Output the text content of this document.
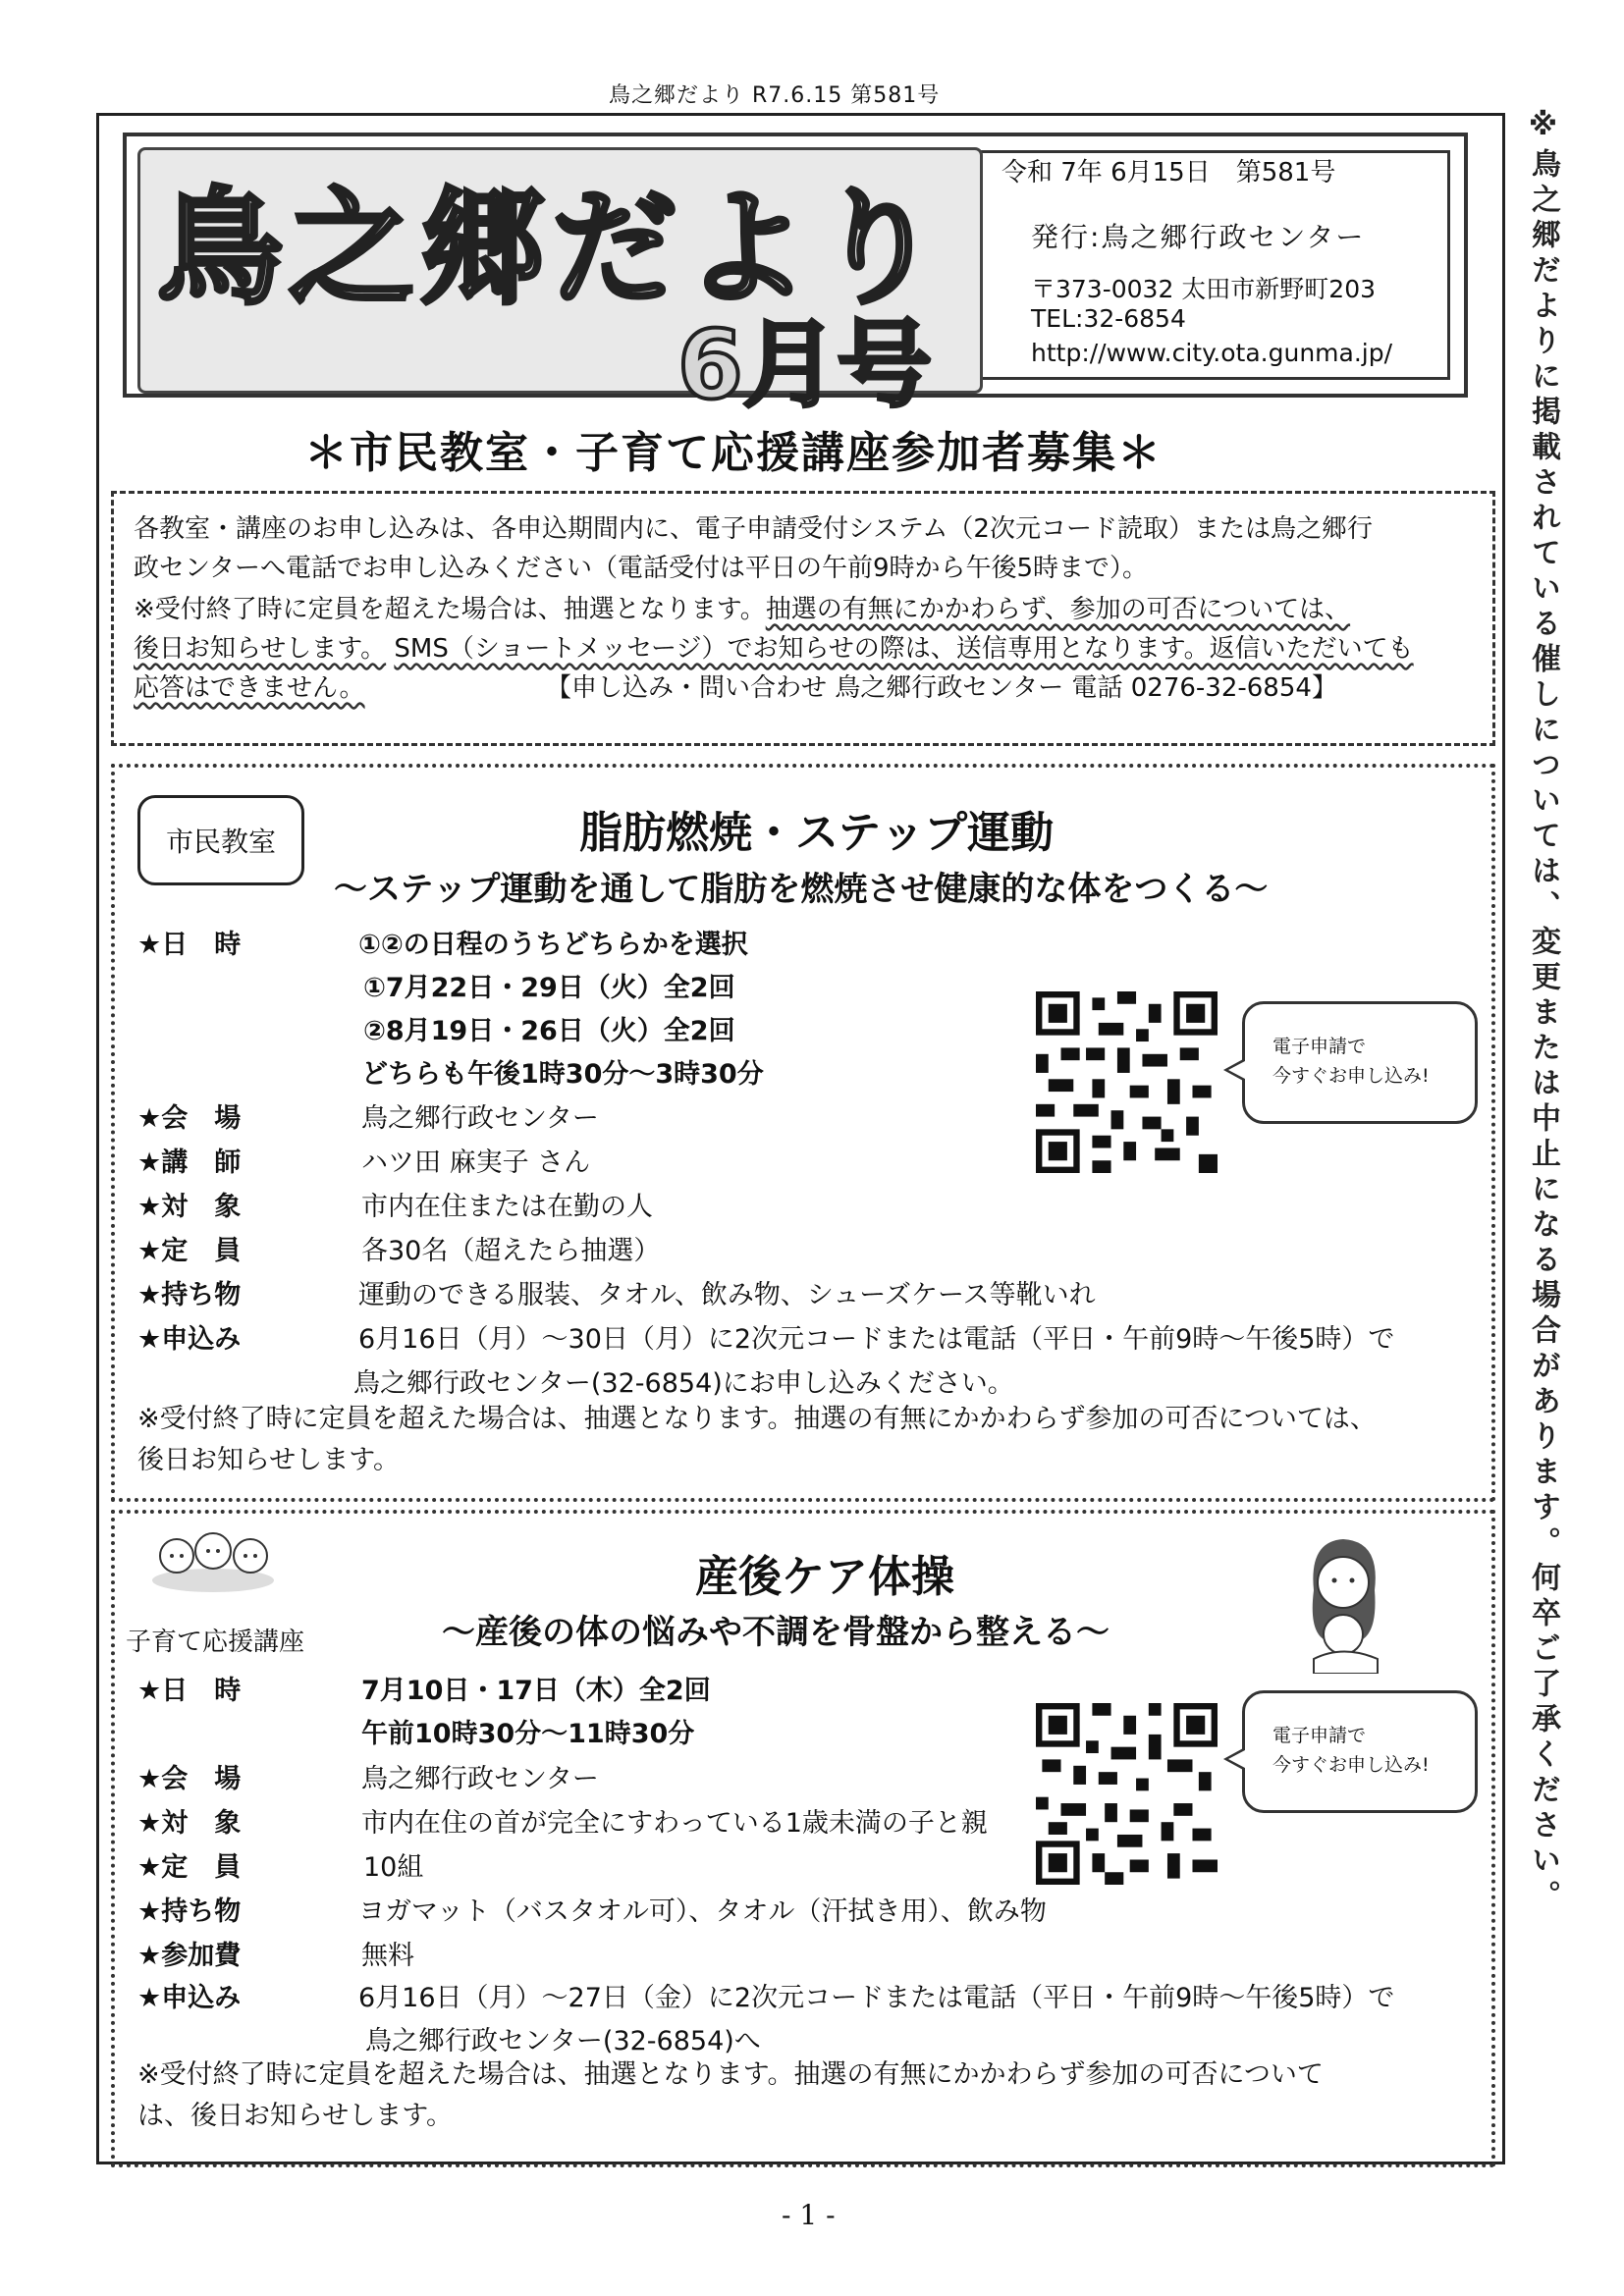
鳥之郷だより R7.6.15 第581号
※鳥之郷だよりに掲載されている催しについては、変更または中止になる場合があります。何卒ご了承ください。
鳥之郷だより
6月号
令和 7年 6月15日　第581号
発行:鳥之郷行政センター
〒373-0032 太田市新野町203
TEL:32-6854
http://www.city.ota.gunma.jp/
＊市民教室・子育て応援講座参加者募集＊

各教室・講座のお申し込みは、各申込期間内に、電子申請受付システム（2次元コード読取）または鳥之郷行

政センターへ電話でお申し込みください（電話受付は平日の午前9時から午後5時まで）。

※受付終了時に定員を超えた場合は、抽選となります。抽選の有無にかかわらず、参加の可否については、

後日お知らせします。 SMS（ショートメッセージ）でお知らせの際は、送信専用となります。返信いただいても

応答はできません。	【申し込み・問い合わせ 鳥之郷行政センター 電話 0276-32-6854】

市民教室	脂肪燃焼・ステップ運動
～ステップ運動を通して脂肪を燃焼させ健康的な体をつくる～
★日　時	①②の日程のうちどちらかを選択
①7月22日・29日（火）全2回
②8月19日・26日（火）全2回
どちらも午後1時30分～3時30分
★会　場	鳥之郷行政センター
★講　師	ハツ田 麻実子 さん
★対　象	市内在住または在勤の人
★定　員	各30名（超えたら抽選）
★持ち物	運動のできる服装、タオル、飲み物、シューズケース等靴いれ
★申込み	6月16日（月）～30日（月）に2次元コードまたは電話（平日・午前9時～午後5時）で
鳥之郷行政センター(32-6854)にお申し込みください。
※受付終了時に定員を超えた場合は、抽選となります。抽選の有無にかかわらず参加の可否については、
後日お知らせします。
電子申請で
今すぐお申し込み!
子育て応援講座
産後ケア体操
～産後の体の悩みや不調を骨盤から整える～
★日　時	7月10日・17日（木）全2回
午前10時30分～11時30分
★会　場	鳥之郷行政センター
★対　象	市内在住の首が完全にすわっている1歳未満の子と親
★定　員	10組
★持ち物	ヨガマット（バスタオル可）、タオル（汗拭き用）、飲み物
★参加費	無料
★申込み	6月16日（月）～27日（金）に2次元コードまたは電話（平日・午前9時～午後5時）で
鳥之郷行政センター(32-6854)へ
※受付終了時に定員を超えた場合は、抽選となります。抽選の有無にかかわらず参加の可否について
は、後日お知らせします。
電子申請で
今すぐお申し込み!
- 1 -
